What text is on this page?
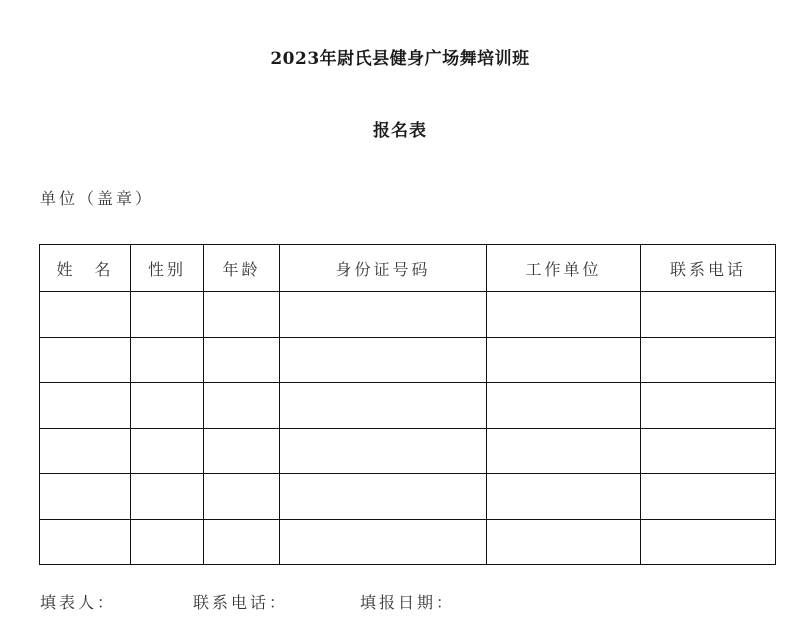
2023年尉氏县健身广场舞培训班
报名表
单位（盖章）
姓　名	性别	年龄	身份证号码	工作单位	联系电话

填表人：	联系电话：	填报日期：
